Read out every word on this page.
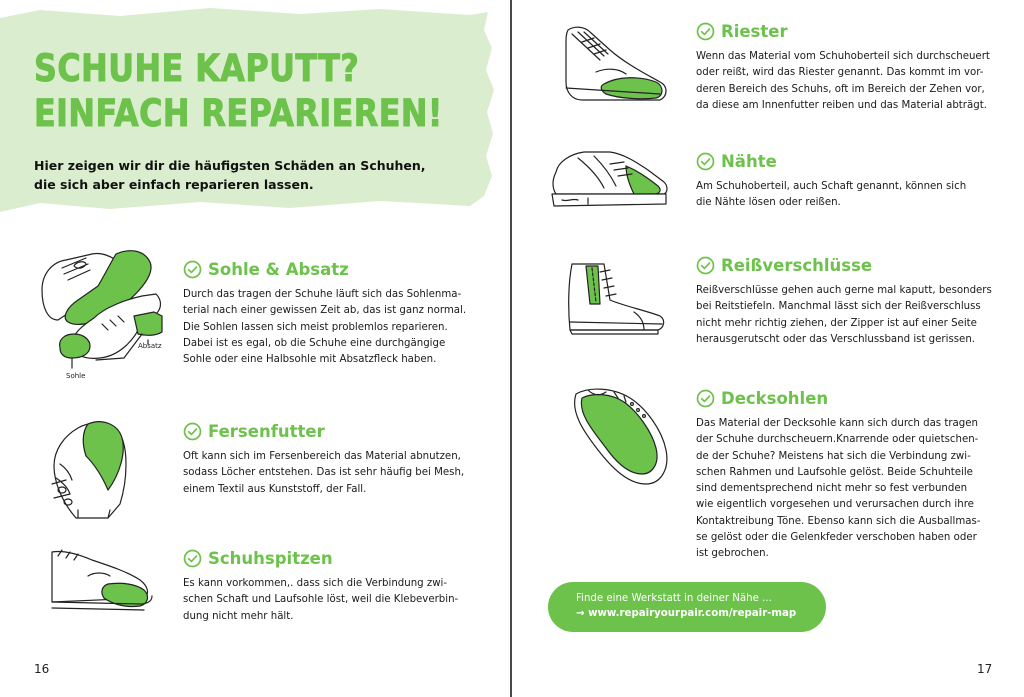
SCHUHE KAPUTT?
EINFACH REPARIEREN!

Hier zeigen wir dir die häufigsten Schäden an Schuhen,
die sich aber einfach reparieren lassen.

Absatz
Sohle
Sohle & Absatz

Durch das tragen der Schuhe läuft sich das Sohlenma-
terial nach einer gewissen Zeit ab, das ist ganz normal.
Die Sohlen lassen sich meist problemlos reparieren.
Dabei ist es egal, ob die Schuhe eine durchgängige
Sohle oder eine Halbsohle mit Absatzfleck haben.

Fersenfutter

Oft kann sich im Fersenbereich das Material abnutzen,
sodass Löcher entstehen. Das ist sehr häufig bei Mesh,
einem Textil aus Kunststoff, der Fall.

Schuhspitzen

Es kann vorkommen,. dass sich die Verbindung zwi-
schen Schaft und Laufsohle löst, weil die Klebeverbin-
dung nicht mehr hält.

16
Riester

Wenn das Material vom Schuhoberteil sich durchscheuert
oder reißt, wird das Riester genannt. Das kommt im vor-
deren Bereich des Schuhs, oft im Bereich der Zehen vor,
da diese am Innenfutter reiben und das Material abträgt.

Nähte

Am Schuhoberteil, auch Schaft genannt, können sich
die Nähte lösen oder reißen.

Reißverschlüsse

Reißverschlüsse gehen auch gerne mal kaputt, besonders
bei Reitstiefeln. Manchmal lässt sich der Reißverschluss
nicht mehr richtig ziehen, der Zipper ist auf einer Seite
herausgerutscht oder das Verschlussband ist gerissen.

Decksohlen

Das Material der Decksohle kann sich durch das tragen
der Schuhe durchscheuern.Knarrende oder quietschen-
de der Schuhe? Meistens hat sich die Verbindung zwi-
schen Rahmen und Laufsohle gelöst. Beide Schuhteile
sind dementsprechend nicht mehr so fest verbunden
wie eigentlich vorgesehen und verursachen durch ihre
Kontaktreibung Töne. Ebenso kann sich die Ausballmas-
se gelöst oder die Gelenkfeder verschoben haben oder
ist gebrochen.

Finde eine Werkstatt in deiner Nähe ...
→ www.repairyourpair.com/repair-map
17
